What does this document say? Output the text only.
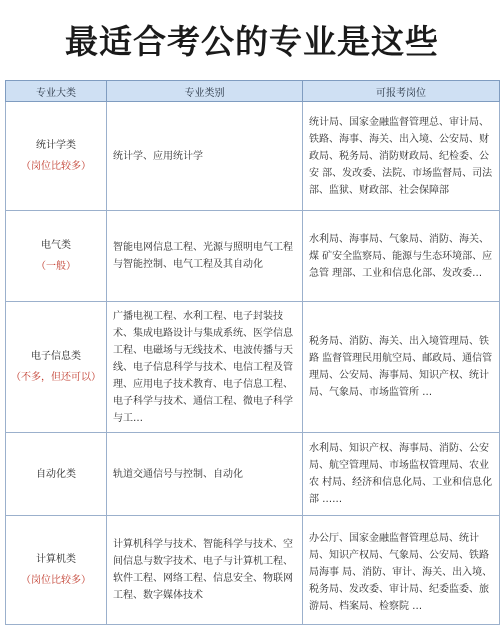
最适合考公的专业是这些
专业大类	专业类别	可报考岗位

统计学类
（岗位比较多）	统计学、应用统计学	统计局、国家金融监督管理总、审计局、铁路、海事、海关、出入境、公安局、财政局、税务局、消防财政局、纪检委、公安 部、发改委、法院、市场监督局、司法部、监狱、财政部、社会保障部

电气类
（一般）	智能电网信息工程、光源与照明电气工程 与智能控制、电气工程及其自动化	水利局、海事局、气象局、消防、海关、煤 矿安全监察局、能源与生态环境部、应急管 理部、工业和信息化部、发改委…

电子信息类
（不多，但还可以）	广播电视工程、水利工程、电子封装技术、集成电路设计与集成系统、医学信息 工程、电磁场与无线技术、电波传播与天 线、电子信息科学与技术、电信工程及管 理、应用电子技术教育、电子信息工程、 电子科学与技术、通信工程、微电子科学与工…	税务局、消防、海关、出入境管理局、铁路 监督管理民用航空局、邮政局、通信管理局、公安局、海事局、知识产权、统计局、气象局、市场监管所 …

自动化类	轨道交通信号与控制、自动化	水利局、知识产权、海事局、消防、公安局、航空管理局、市场监权管理局、农业农 村局、经济和信息化局、工业和信息化部 ……

计算机类
（岗位比较多）	计算机科学与技术、智能科学与技术、空 间信息与数字技术、电子与计算机工程、 软件工程、网络工程、信息安全、物联网 工程、数字媒体技术	办公厅、国家金融监督管理总局、统计局、知识产权局、气象局、公安局、铁路局海事 局、消防、审计、海关、出入境、税务局、发改委、审计局、纪委监委、旅游局、档案局、检察院 …
